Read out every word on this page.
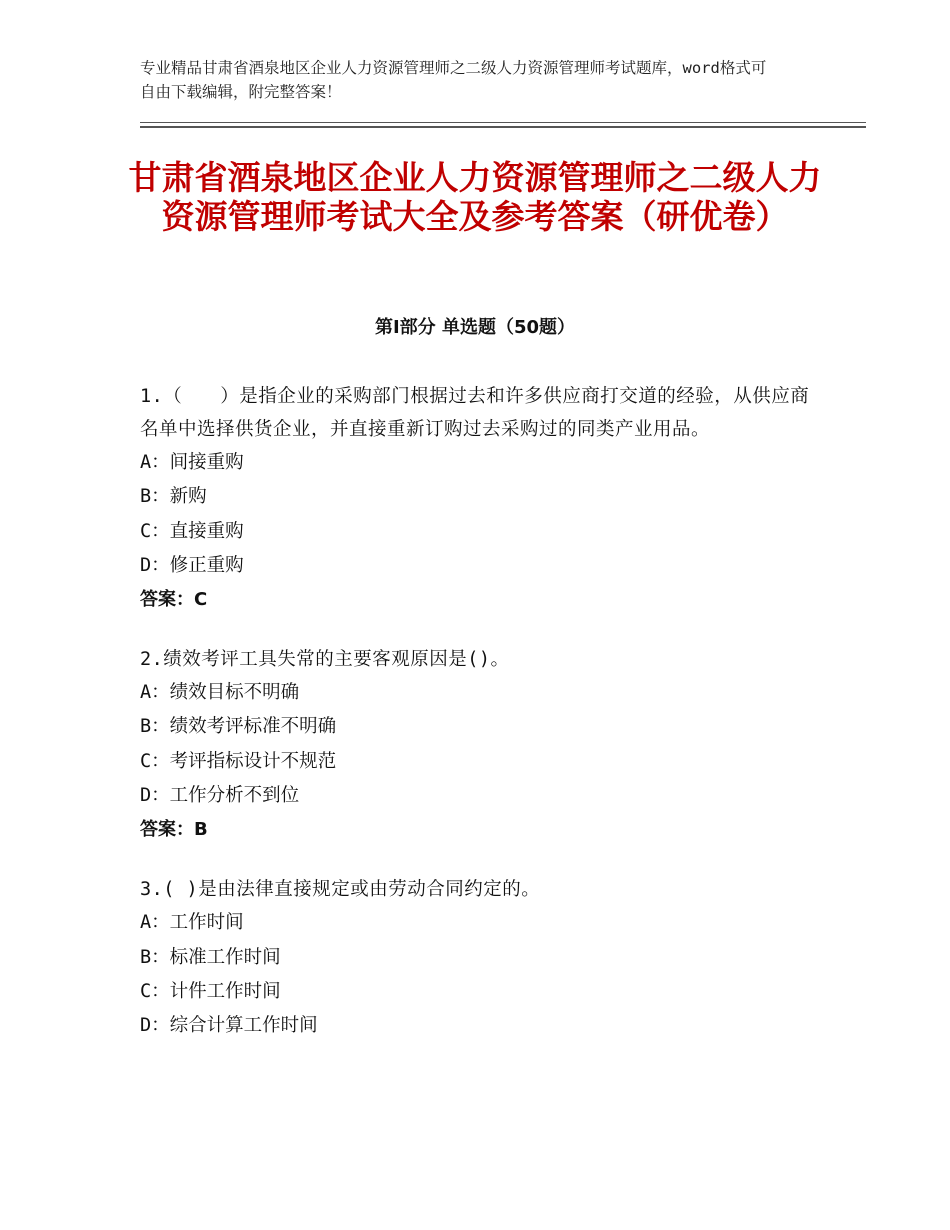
专业精品甘肃省酒泉地区企业人力资源管理师之二级人力资源管理师考试题库，word格式可自由下载编辑，附完整答案！
甘肃省酒泉地区企业人力资源管理师之二级人力资源管理师考试大全及参考答案（研优卷）
第Ⅰ部分 单选题（50题）
1.（　　）是指企业的采购部门根据过去和许多供应商打交道的经验，从供应商名单中选择供货企业，并直接重新订购过去采购过的同类产业用品。
A：间接重购
B：新购
C：直接重购
D：修正重购
答案：C
2.绩效考评工具失常的主要客观原因是()。
A：绩效目标不明确
B：绩效考评标准不明确
C：考评指标设计不规范
D：工作分析不到位
答案：B
3.( )是由法律直接规定或由劳动合同约定的。
A：工作时间
B：标准工作时间
C：计件工作时间
D：综合计算工作时间
